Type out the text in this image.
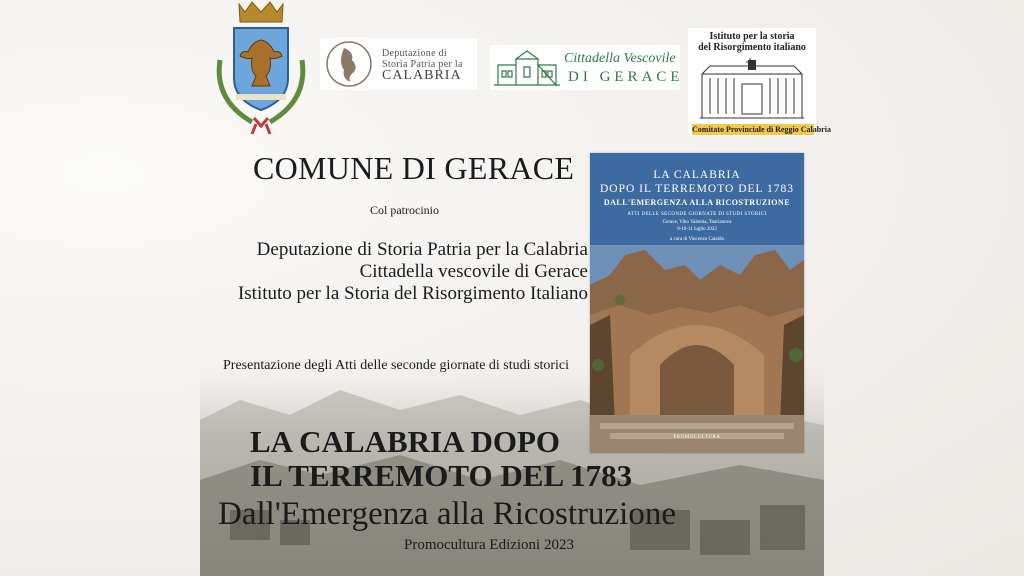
Deputazione di
Storia Patria per la
CALABRIA
Cittadella Vescovile
DI GERACE
Istituto per la storia
del Risorgimento italiano
Comitato Provinciale di Reggio Calabria
COMUNE DI GERACE
Col patrocinio
Deputazione di Storia Patria per la Calabria
Cittadella vescovile di Gerace
Istituto per la Storia del Risorgimento Italiano
Presentazione degli Atti delle seconde giornate di studi storici
LA CALABRIA DOPO
IL TERREMOTO DEL 1783
Dall'Emergenza alla Ricostruzione
Promocultura Edizioni 2023
LA CALABRIA
DOPO IL TERREMOTO DEL 1783
DALL'EMERGENZA ALLA RICOSTRUZIONE
ATTI DELLE SECONDE GIORNATE DI STUDI STORICI
Gerace, Vibo Valentia, Taurianova
9-10-11 luglio 2022
a cura di Vincenzo Cataldo
PROMOCULTURA
